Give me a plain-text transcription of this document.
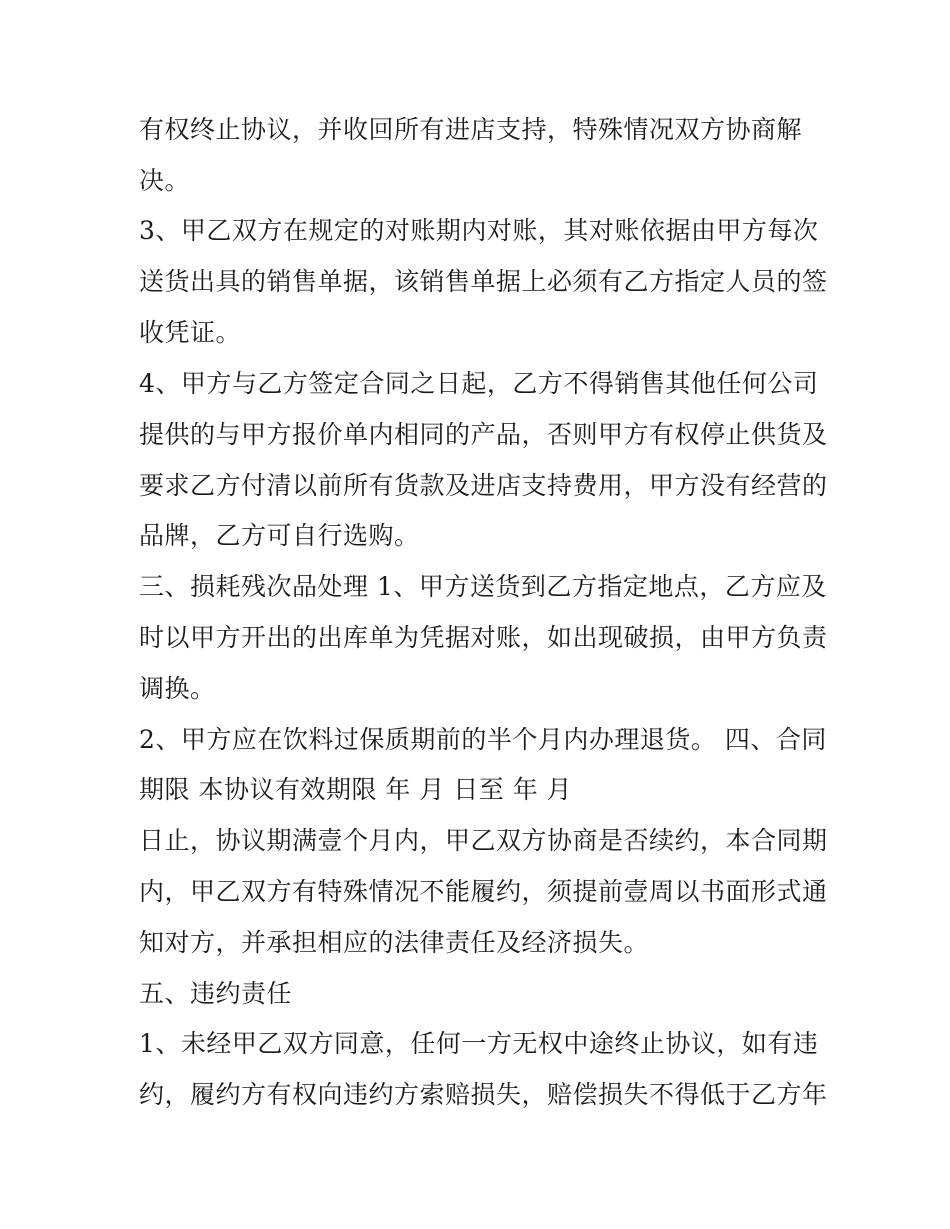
有权终止协议，并收回所有进店支持，特殊情况双方协商解
决。
3、甲乙双方在规定的对账期内对账，其对账依据由甲方每次
送货出具的销售单据，该销售单据上必须有乙方指定人员的签
收凭证。
4、甲方与乙方签定合同之日起，乙方不得销售其他任何公司
提供的与甲方报价单内相同的产品，否则甲方有权停止供货及
要求乙方付清以前所有货款及进店支持费用，甲方没有经营的
品牌，乙方可自行选购。
三、损耗残次品处理 1、甲方送货到乙方指定地点，乙方应及
时以甲方开出的出库单为凭据对账，如出现破损，由甲方负责
调换。
2、甲方应在饮料过保质期前的半个月内办理退货。 四、合同
期限 本协议有效期限 年 月 日至 年 月
日止，协议期满壹个月内，甲乙双方协商是否续约，本合同期
内，甲乙双方有特殊情况不能履约，须提前壹周以书面形式通
知对方，并承担相应的法律责任及经济损失。
五、违约责任
1、未经甲乙双方同意，任何一方无权中途终止协议，如有违
约，履约方有权向违约方索赔损失，赔偿损失不得低于乙方年
